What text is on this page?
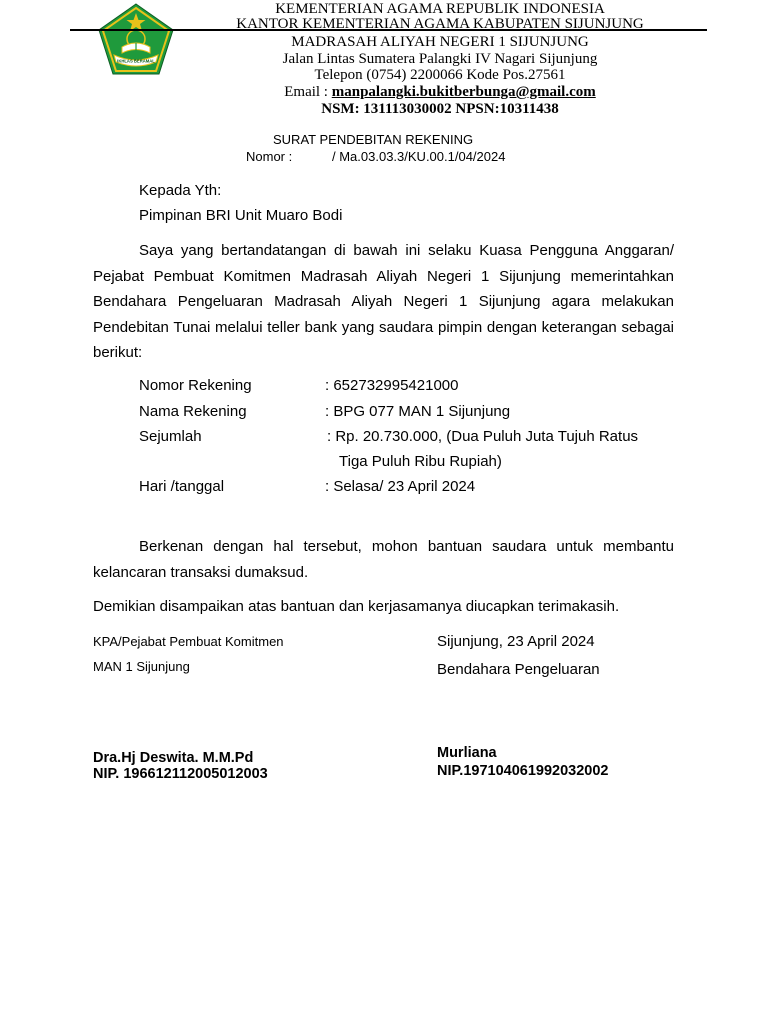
IKHLAS BERAMAL
KEMENTERIAN AGAMA REPUBLIK INDONESIA
KANTOR KEMENTERIAN AGAMA KABUPATEN SIJUNJUNG
MADRASAH ALIYAH NEGERI 1 SIJUNJUNG
Jalan Lintas Sumatera Palangki IV Nagari Sijunjung
Telepon (0754) 2200066 Kode Pos.27561
Email : manpalangki.bukitberbunga@gmail.com
NSM: 131113030002 NPSN:10311438
SURAT PENDEBITAN REKENING
Nomor :	/ Ma.03.03.3/KU.00.1/04/2024
Kepada Yth:
Pimpinan BRI Unit Muaro Bodi
Saya yang bertandatangan di bawah ini selaku Kuasa Pengguna Anggaran/ Pejabat Pembuat Komitmen Madrasah Aliyah Negeri 1 Sijunjung memerintahkan Bendahara Pengeluaran Madrasah Aliyah Negeri 1 Sijunjung agara melakukan Pendebitan Tunai melalui teller bank yang saudara pimpin dengan keterangan sebagai berikut:
Nomor Rekening	: 652732995421000
Nama Rekening	: BPG 077 MAN 1 Sijunjung
Sejumlah	: Rp. 20.730.000, (Dua Puluh Juta Tujuh Ratus
Tiga Puluh Ribu Rupiah)
Hari /tanggal	: Selasa/ 23 April 2024
Berkenan dengan hal tersebut, mohon bantuan saudara untuk membantu kelancaran transaksi dumaksud.
Demikian disampaikan atas bantuan dan kerjasamanya diucapkan terimakasih.
KPA/Pejabat Pembuat Komitmen
MAN 1 Sijunjung
Dra.Hj Deswita. M.M.Pd
NIP. 196612112005012003
Sijunjung, 23 April 2024
Bendahara Pengeluaran
Murliana
NIP.197104061992032002
